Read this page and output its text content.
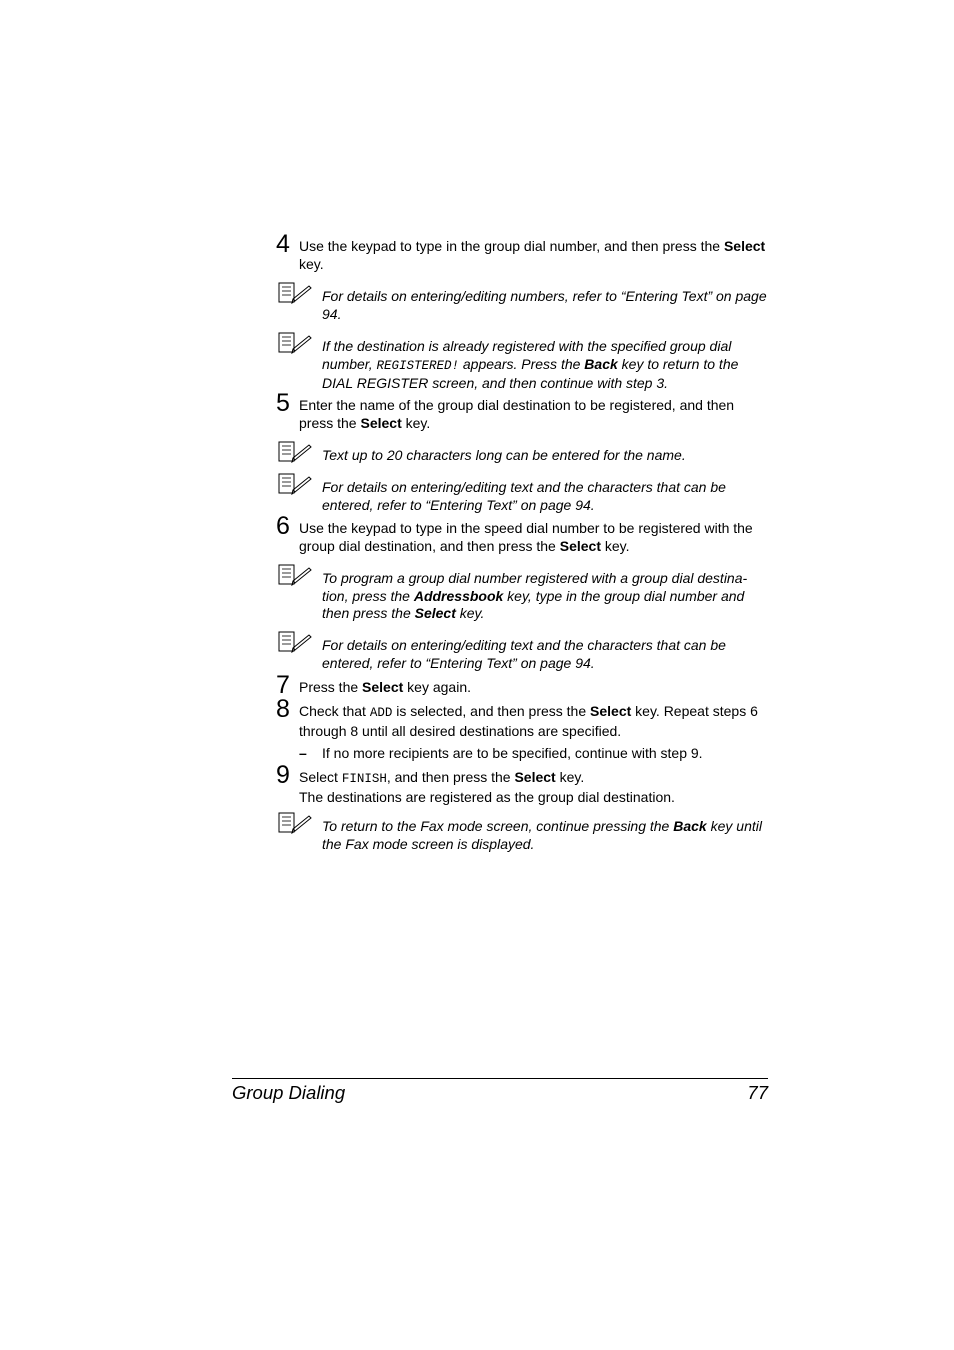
4 Use the keypad to type in the group dial number, and then press the Select key.
For details on entering/editing numbers, refer to “Entering Text” on page 94.
If the destination is already registered with the specified group dial number, REGISTERED! appears. Press the Back key to return to the DIAL REGISTER screen, and then continue with step 3.
5 Enter the name of the group dial destination to be registered, and then press the Select key.
Text up to 20 characters long can be entered for the name.
For details on entering/editing text and the characters that can be entered, refer to “Entering Text” on page 94.
6 Use the keypad to type in the speed dial number to be registered with the group dial destination, and then press the Select key.
To program a group dial number registered with a group dial destina-tion, press the Addressbook key, type in the group dial number and then press the Select key.
For details on entering/editing text and the characters that can be entered, refer to “Entering Text” on page 94.
7 Press the Select key again.
8 Check that ADD is selected, and then press the Select key. Repeat steps 6 through 8 until all desired destinations are specified.
– If no more recipients are to be specified, continue with step 9.
9 Select FINISH, and then press the Select key.
The destinations are registered as the group dial destination.
To return to the Fax mode screen, continue pressing the Back key until the Fax mode screen is displayed.
Group Dialing	77
